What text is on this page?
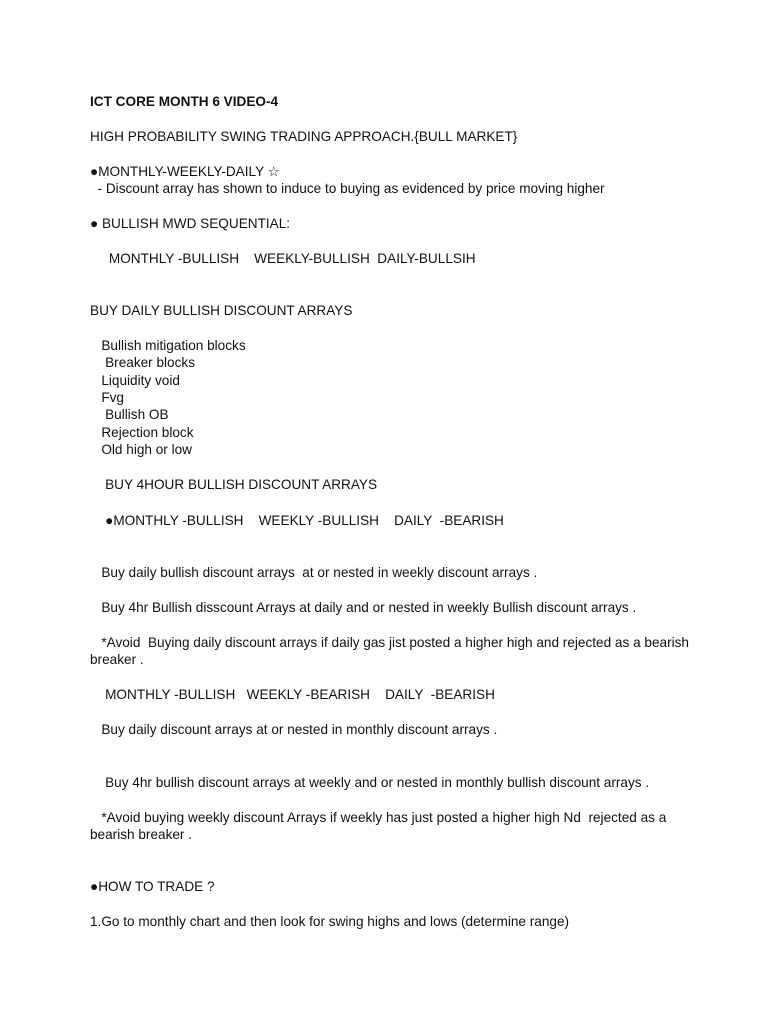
ICT CORE MONTH 6 VIDEO-4
HIGH PROBABILITY SWING TRADING APPROACH.{BULL MARKET}
●MONTHLY-WEEKLY-DAILY ☆
- Discount array has shown to induce to buying as evidenced by price moving higher
● BULLISH MWD SEQUENTIAL:
MONTHLY -BULLISH    WEEKLY-BULLISH  DAILY-BULLSIH
BUY DAILY BULLISH DISCOUNT ARRAYS
Bullish mitigation blocks
Breaker blocks
Liquidity void
Fvg
Bullish OB
Rejection block
Old high or low
BUY 4HOUR BULLISH DISCOUNT ARRAYS
●MONTHLY -BULLISH    WEEKLY -BULLISH    DAILY  -BEARISH
Buy daily bullish discount arrays  at or nested in weekly discount arrays .
Buy 4hr Bullish disscount Arrays at daily and or nested in weekly Bullish discount arrays .
*Avoid  Buying daily discount arrays if daily gas jist posted a higher high and rejected as a bearish breaker .
MONTHLY -BULLISH   WEEKLY -BEARISH    DAILY  -BEARISH
Buy daily discount arrays at or nested in monthly discount arrays .
Buy 4hr bullish discount arrays at weekly and or nested in monthly bullish discount arrays .
*Avoid buying weekly discount Arrays if weekly has just posted a higher high Nd  rejected as a bearish breaker .
●HOW TO TRADE ?
1.Go to monthly chart and then look for swing highs and lows (determine range)
